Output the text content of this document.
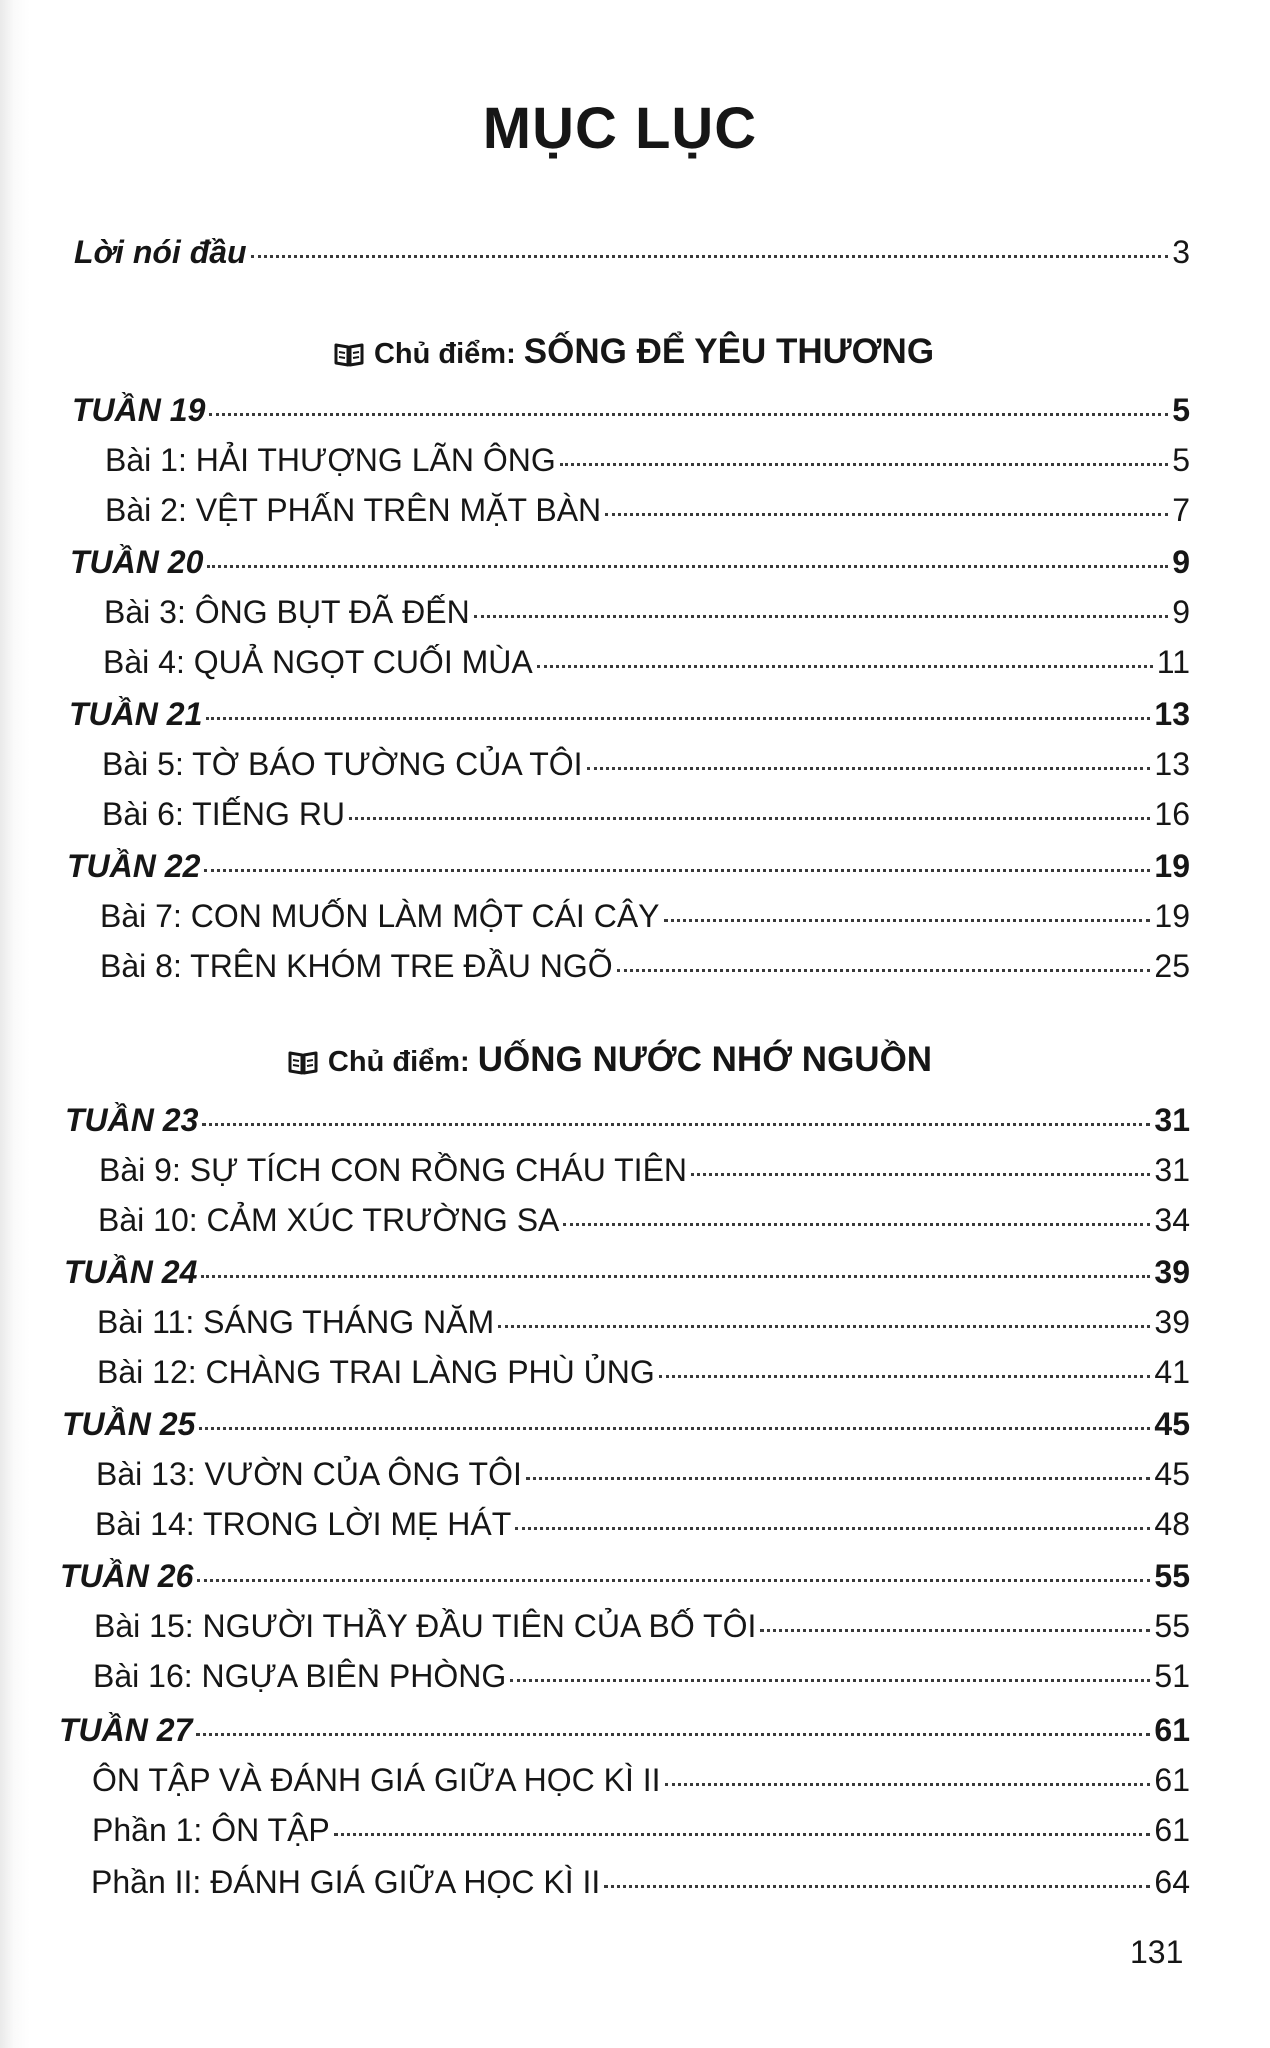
MỤC LỤC
Lời nói đầu	3
Chủ điểm: SỐNG ĐỂ YÊU THƯƠNG
TUẦN 19	5
Bài 1: HẢI THƯỢNG LÃN ÔNG	5
Bài 2: VỆT PHẤN TRÊN MẶT BÀN	7
TUẦN 20	9
Bài 3: ÔNG BỤT ĐÃ ĐẾN	9
Bài 4: QUẢ NGỌT CUỐI MÙA	11
TUẦN 21	13
Bài 5: TỜ BÁO TƯỜNG CỦA TÔI	13
Bài 6: TIẾNG RU	16
TUẦN 22	19
Bài 7: CON MUỐN LÀM MỘT CÁI CÂY	19
Bài 8: TRÊN KHÓM TRE ĐẦU NGÕ	25
Chủ điểm: UỐNG NƯỚC NHỚ NGUỒN
TUẦN 23	31
Bài 9: SỰ TÍCH CON RỒNG CHÁU TIÊN	31
Bài 10: CẢM XÚC TRƯỜNG SA	34
TUẦN 24	39
Bài 11: SÁNG THÁNG NĂM	39
Bài 12: CHÀNG TRAI LÀNG PHÙ ỦNG	41
TUẦN 25	45
Bài 13: VƯỜN CỦA ÔNG TÔI	45
Bài 14: TRONG LỜI MẸ HÁT	48
TUẦN 26	55
Bài 15: NGƯỜI THẦY ĐẦU TIÊN CỦA BỐ TÔI	55
Bài 16: NGỰA BIÊN PHÒNG	51
TUẦN 27	61
ÔN TẬP VÀ ĐÁNH GIÁ GIỮA HỌC KÌ II	61
Phần 1: ÔN TẬP	61
Phần II: ĐÁNH GIÁ GIỮA HỌC KÌ II	64
131
